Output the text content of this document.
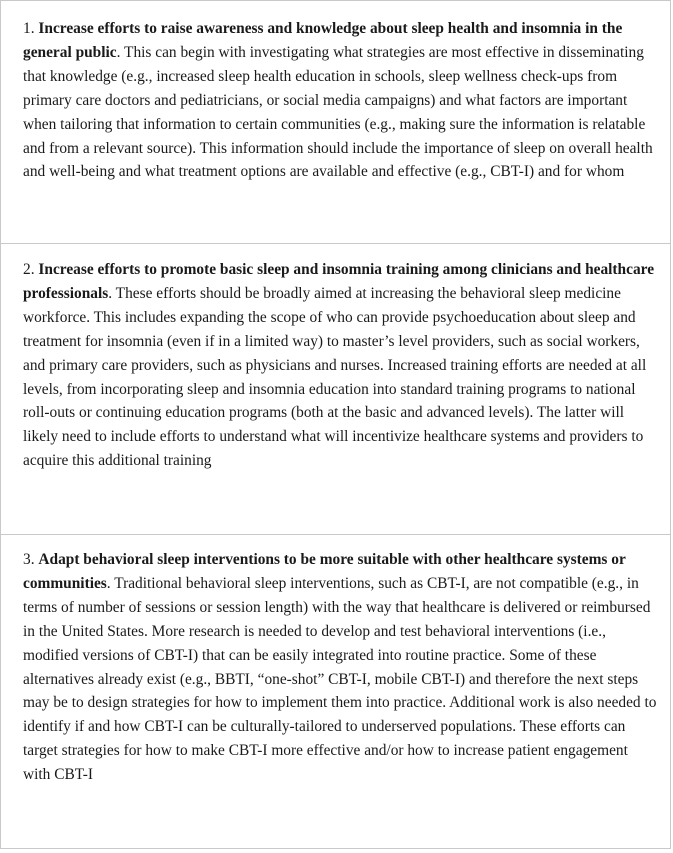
1. Increase efforts to raise awareness and knowledge about sleep health and insomnia in the general public. This can begin with investigating what strategies are most effective in disseminating that knowledge (e.g., increased sleep health education in schools, sleep wellness check-ups from primary care doctors and pediatricians, or social media campaigns) and what factors are important when tailoring that information to certain communities (e.g., making sure the information is relatable and from a relevant source). This information should include the importance of sleep on overall health and well-being and what treatment options are available and effective (e.g., CBT-I) and for whom

2. Increase efforts to promote basic sleep and insomnia training among clinicians and healthcare professionals. These efforts should be broadly aimed at increasing the behavioral sleep medicine workforce. This includes expanding the scope of who can provide psychoeducation about sleep and treatment for insomnia (even if in a limited way) to master’s level providers, such as social workers, and primary care providers, such as physicians and nurses. Increased training efforts are needed at all levels, from incorporating sleep and insomnia education into standard training programs to national roll-outs or continuing education programs (both at the basic and advanced levels). The latter will likely need to include efforts to understand what will incentivize healthcare systems and providers to acquire this additional training

3. Adapt behavioral sleep interventions to be more suitable with other healthcare systems or communities. Traditional behavioral sleep interventions, such as CBT-I, are not compatible (e.g., in terms of number of sessions or session length) with the way that healthcare is delivered or reimbursed in the United States. More research is needed to develop and test behavioral interventions (i.e., modified versions of CBT-I) that can be easily integrated into routine practice. Some of these alternatives already exist (e.g., BBTI, “one-shot” CBT-I, mobile CBT-I) and therefore the next steps may be to design strategies for how to implement them into practice. Additional work is also needed to identify if and how CBT-I can be culturally-tailored to underserved populations. These efforts can target strategies for how to make CBT-I more effective and/or how to increase patient engagement with CBT-I
